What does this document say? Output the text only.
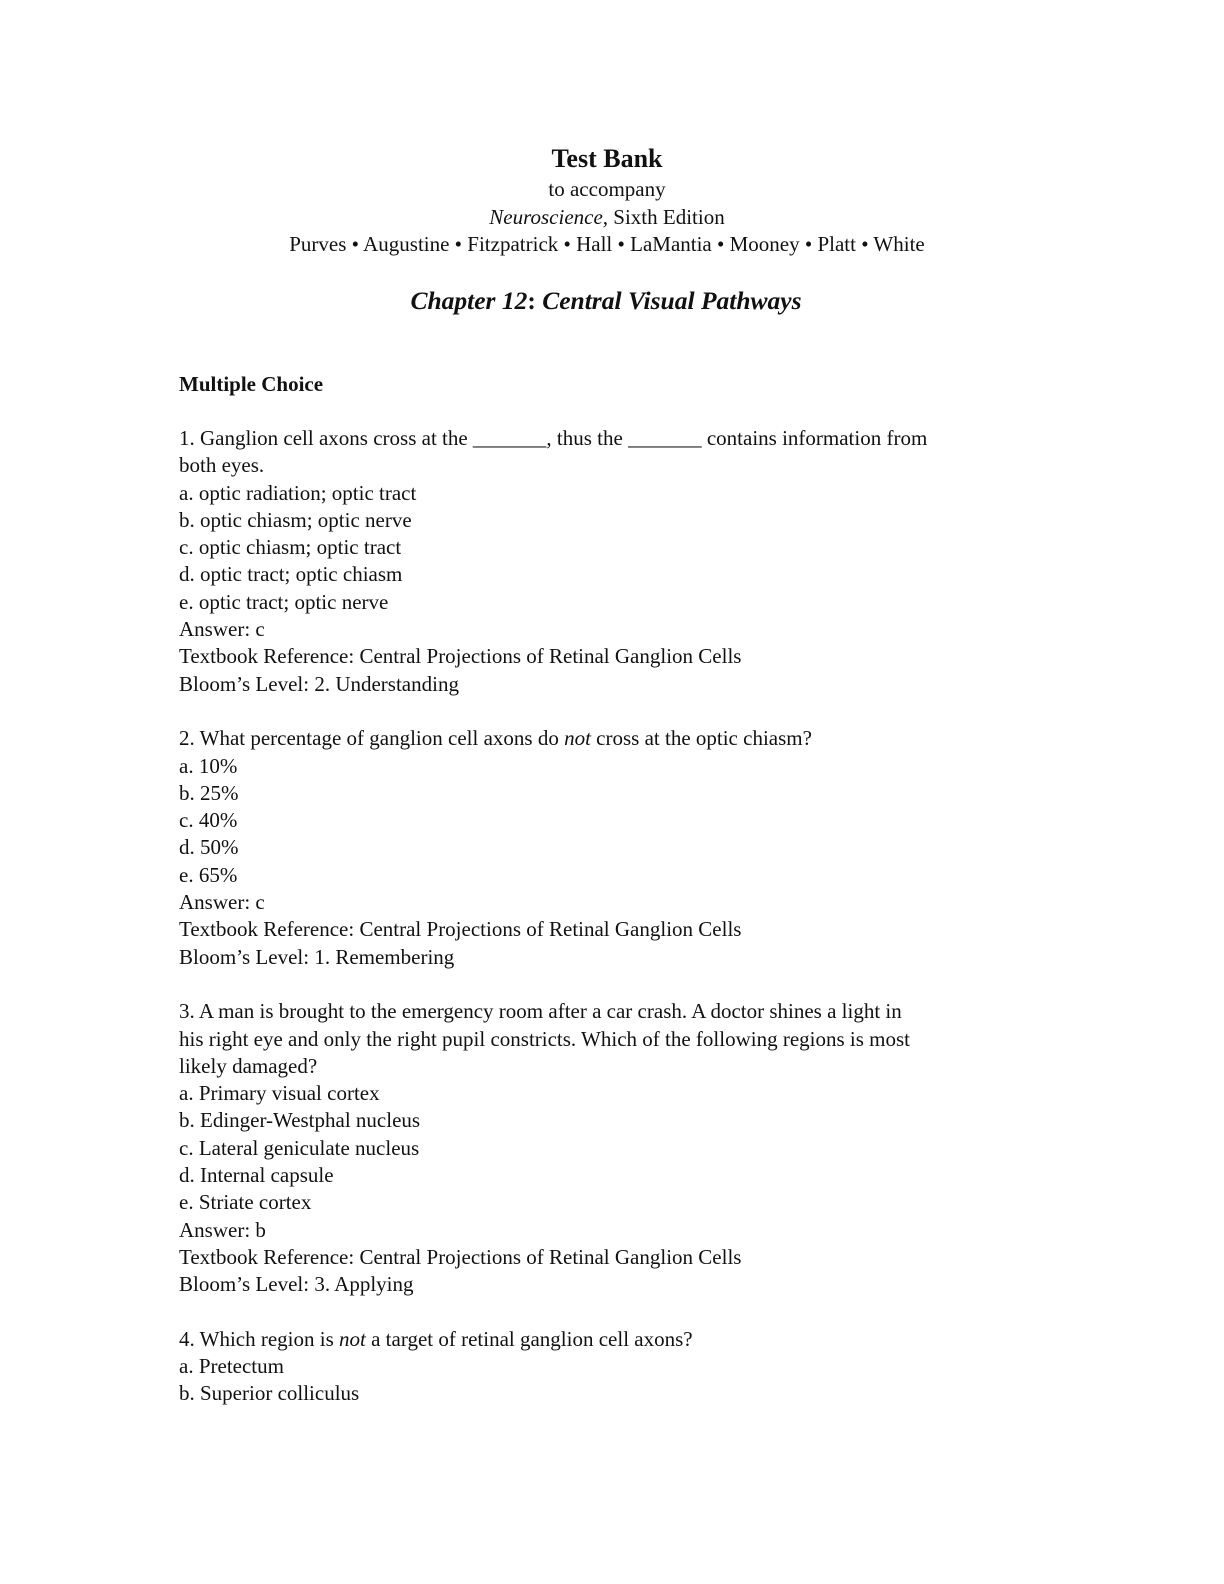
Test Bank
to accompany
Neuroscience, Sixth Edition
Purves • Augustine • Fitzpatrick • Hall • LaMantia • Mooney • Platt • White
Chapter 12: Central Visual Pathways
Multiple Choice
1. Ganglion cell axons cross at the _______, thus the _______ contains information from
both eyes.
a. optic radiation; optic tract
b. optic chiasm; optic nerve
c. optic chiasm; optic tract
d. optic tract; optic chiasm
e. optic tract; optic nerve
Answer: c
Textbook Reference: Central Projections of Retinal Ganglion Cells
Bloom’s Level: 2. Understanding
2. What percentage of ganglion cell axons do not cross at the optic chiasm?
a. 10%
b. 25%
c. 40%
d. 50%
e. 65%
Answer: c
Textbook Reference: Central Projections of Retinal Ganglion Cells
Bloom’s Level: 1. Remembering
3. A man is brought to the emergency room after a car crash. A doctor shines a light in
his right eye and only the right pupil constricts. Which of the following regions is most
likely damaged?
a. Primary visual cortex
b. Edinger-Westphal nucleus
c. Lateral geniculate nucleus
d. Internal capsule
e. Striate cortex
Answer: b
Textbook Reference: Central Projections of Retinal Ganglion Cells
Bloom’s Level: 3. Applying
4. Which region is not a target of retinal ganglion cell axons?
a. Pretectum
b. Superior colliculus
